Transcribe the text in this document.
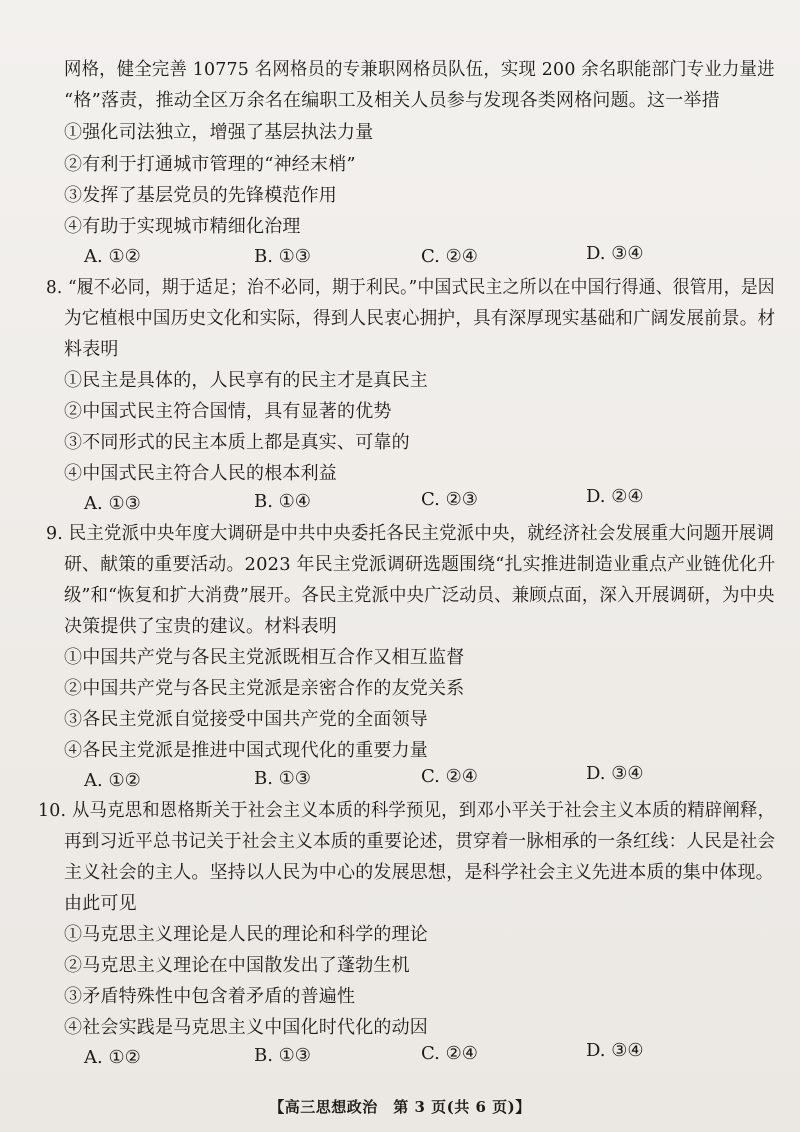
网格，健全完善 10775 名网格员的专兼职网格员队伍，实现 200 余名职能部门专业力量进
“格”落责，推动全区万余名在编职工及相关人员参与发现各类网格问题。这一举措
①强化司法独立，增强了基层执法力量
②有利于打通城市管理的“神经末梢”
③发挥了基层党员的先锋模范作用
④有助于实现城市精细化治理
A. ①②	B. ①③	C. ②④	D. ③④
8. “履不必同，期于适足；治不必同，期于利民。”中国式民主之所以在中国行得通、很管用，是因
为它植根中国历史文化和实际，得到人民衷心拥护，具有深厚现实基础和广阔发展前景。材
料表明
①民主是具体的，人民享有的民主才是真民主
②中国式民主符合国情，具有显著的优势
③不同形式的民主本质上都是真实、可靠的
④中国式民主符合人民的根本利益
A. ①③	B. ①④	C. ②③	D. ②④
9. 民主党派中央年度大调研是中共中央委托各民主党派中央，就经济社会发展重大问题开展调
研、献策的重要活动。2023 年民主党派调研选题围绕“扎实推进制造业重点产业链优化升
级”和“恢复和扩大消费”展开。各民主党派中央广泛动员、兼顾点面，深入开展调研，为中央
决策提供了宝贵的建议。材料表明
①中国共产党与各民主党派既相互合作又相互监督
②中国共产党与各民主党派是亲密合作的友党关系
③各民主党派自觉接受中国共产党的全面领导
④各民主党派是推进中国式现代化的重要力量
A. ①②	B. ①③	C. ②④	D. ③④
10. 从马克思和恩格斯关于社会主义本质的科学预见，到邓小平关于社会主义本质的精辟阐释，
再到习近平总书记关于社会主义本质的重要论述，贯穿着一脉相承的一条红线：人民是社会
主义社会的主人。坚持以人民为中心的发展思想，是科学社会主义先进本质的集中体现。
由此可见
①马克思主义理论是人民的理论和科学的理论
②马克思主义理论在中国散发出了蓬勃生机
③矛盾特殊性中包含着矛盾的普遍性
④社会实践是马克思主义中国化时代化的动因
A. ①②	B. ①③	C. ②④	D. ③④
【高三思想政治　第 3 页(共 6 页)】
